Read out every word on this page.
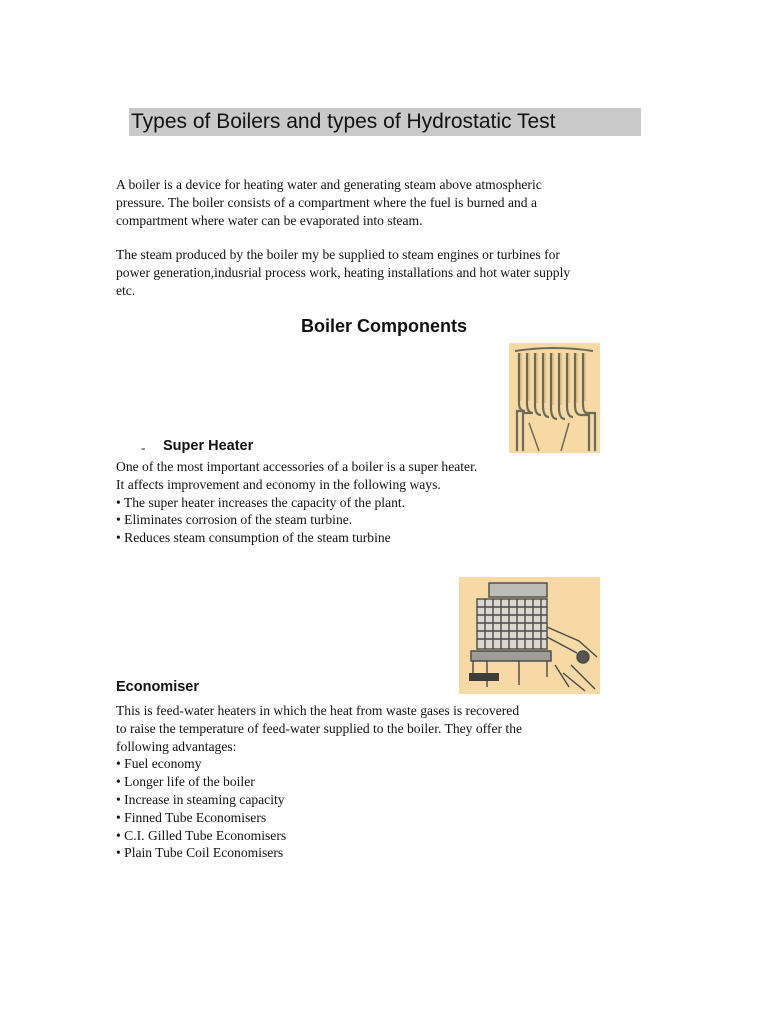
Types of Boilers and types of Hydrostatic Test
A boiler is a device for heating water and generating steam above atmospheric
pressure. The boiler consists of a compartment where the fuel is burned and a
compartment where water can be evaporated into steam.
The steam produced by the boiler my be supplied to steam engines or turbines for
power generation,indusrial process work, heating installations and hot water supply
etc.
Boiler Components
- Super Heater
One of the most important accessories of a boiler is a super heater.
It affects improvement and economy in the following ways.
• The super heater increases the capacity of the plant.
• Eliminates corrosion of the steam turbine.
• Reduces steam consumption of the steam turbine
Economiser
This is feed-water heaters in which the heat from waste gases is recovered
to raise the temperature of feed-water supplied to the boiler. They offer the
following advantages:
• Fuel economy
• Longer life of the boiler
• Increase in steaming capacity
• Finned Tube Economisers
• C.I. Gilled Tube Economisers
• Plain Tube Coil Economisers
